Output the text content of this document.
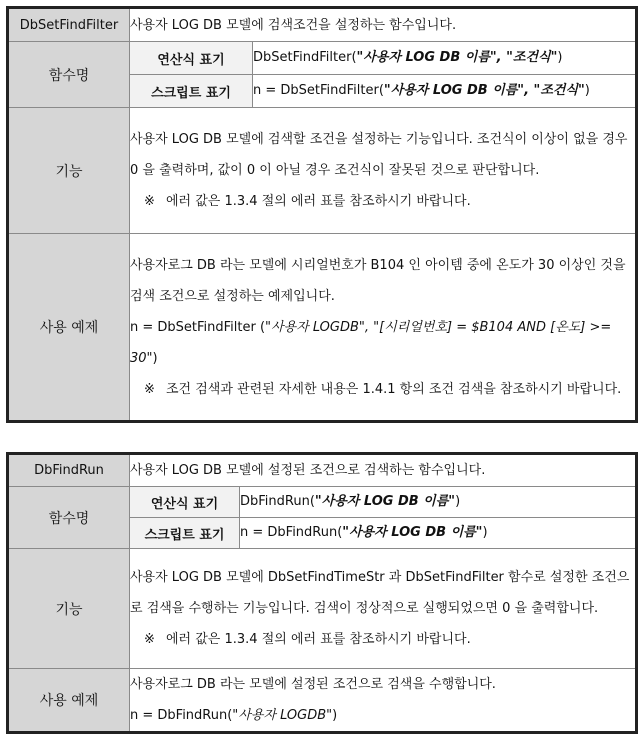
DbSetFindFilter	사용자 LOG DB 모델에 검색조건을 설정하는 함수입니다.	
함수명	연산식 표기	DbSetFindFilter("사용자 LOG DB 이름", "조건식")
	스크립트 표기	n = DbSetFindFilter("사용자 LOG DB 이름", "조건식")
기능	사용자 LOG DB 모델에 검색할 조건을 설정하는 기능입니다. 조건식이 이상이 없을 경우 0 을 출력하며, 값이 0 이 아닐 경우 조건식이 잘못된 것으로 판단합니다.
※ 에러 값은 1.3.4 절의 에러 표를 참조하시기 바랍니다.	

사용 예제	사용자로그 DB 라는 모델에 시리얼번호가 B104 인 아이템 중에 온도가 30 이상인 것을 검색 조건으로 설정하는 예제입니다.
n = DbSetFindFilter ("사용자 LOGDB", "[시리얼번호] = $B104 AND [온도] >= 30")
※ 조건 검색과 관련된 자세한 내용은 1.4.1 항의 조건 검색을 참조하시기 바랍니다.	
DbFindRun	사용자 LOG DB 모델에 설정된 조건으로 검색하는 함수입니다.	
함수명	연산식 표기	DbFindRun("사용자 LOG DB 이름")
	스크립트 표기	n = DbFindRun("사용자 LOG DB 이름")
기능	사용자 LOG DB 모델에 DbSetFindTimeStr 과 DbSetFindFilter 함수로 설정한 조건으로 검색을 수행하는 기능입니다. 검색이 정상적으로 실행되었으면 0 을 출력합니다.
※ 에러 값은 1.3.4 절의 에러 표를 참조하시기 바랍니다.	

사용 예제	사용자로그 DB 라는 모델에 설정된 조건으로 검색을 수행합니다.
n = DbFindRun("사용자 LOGDB")	
